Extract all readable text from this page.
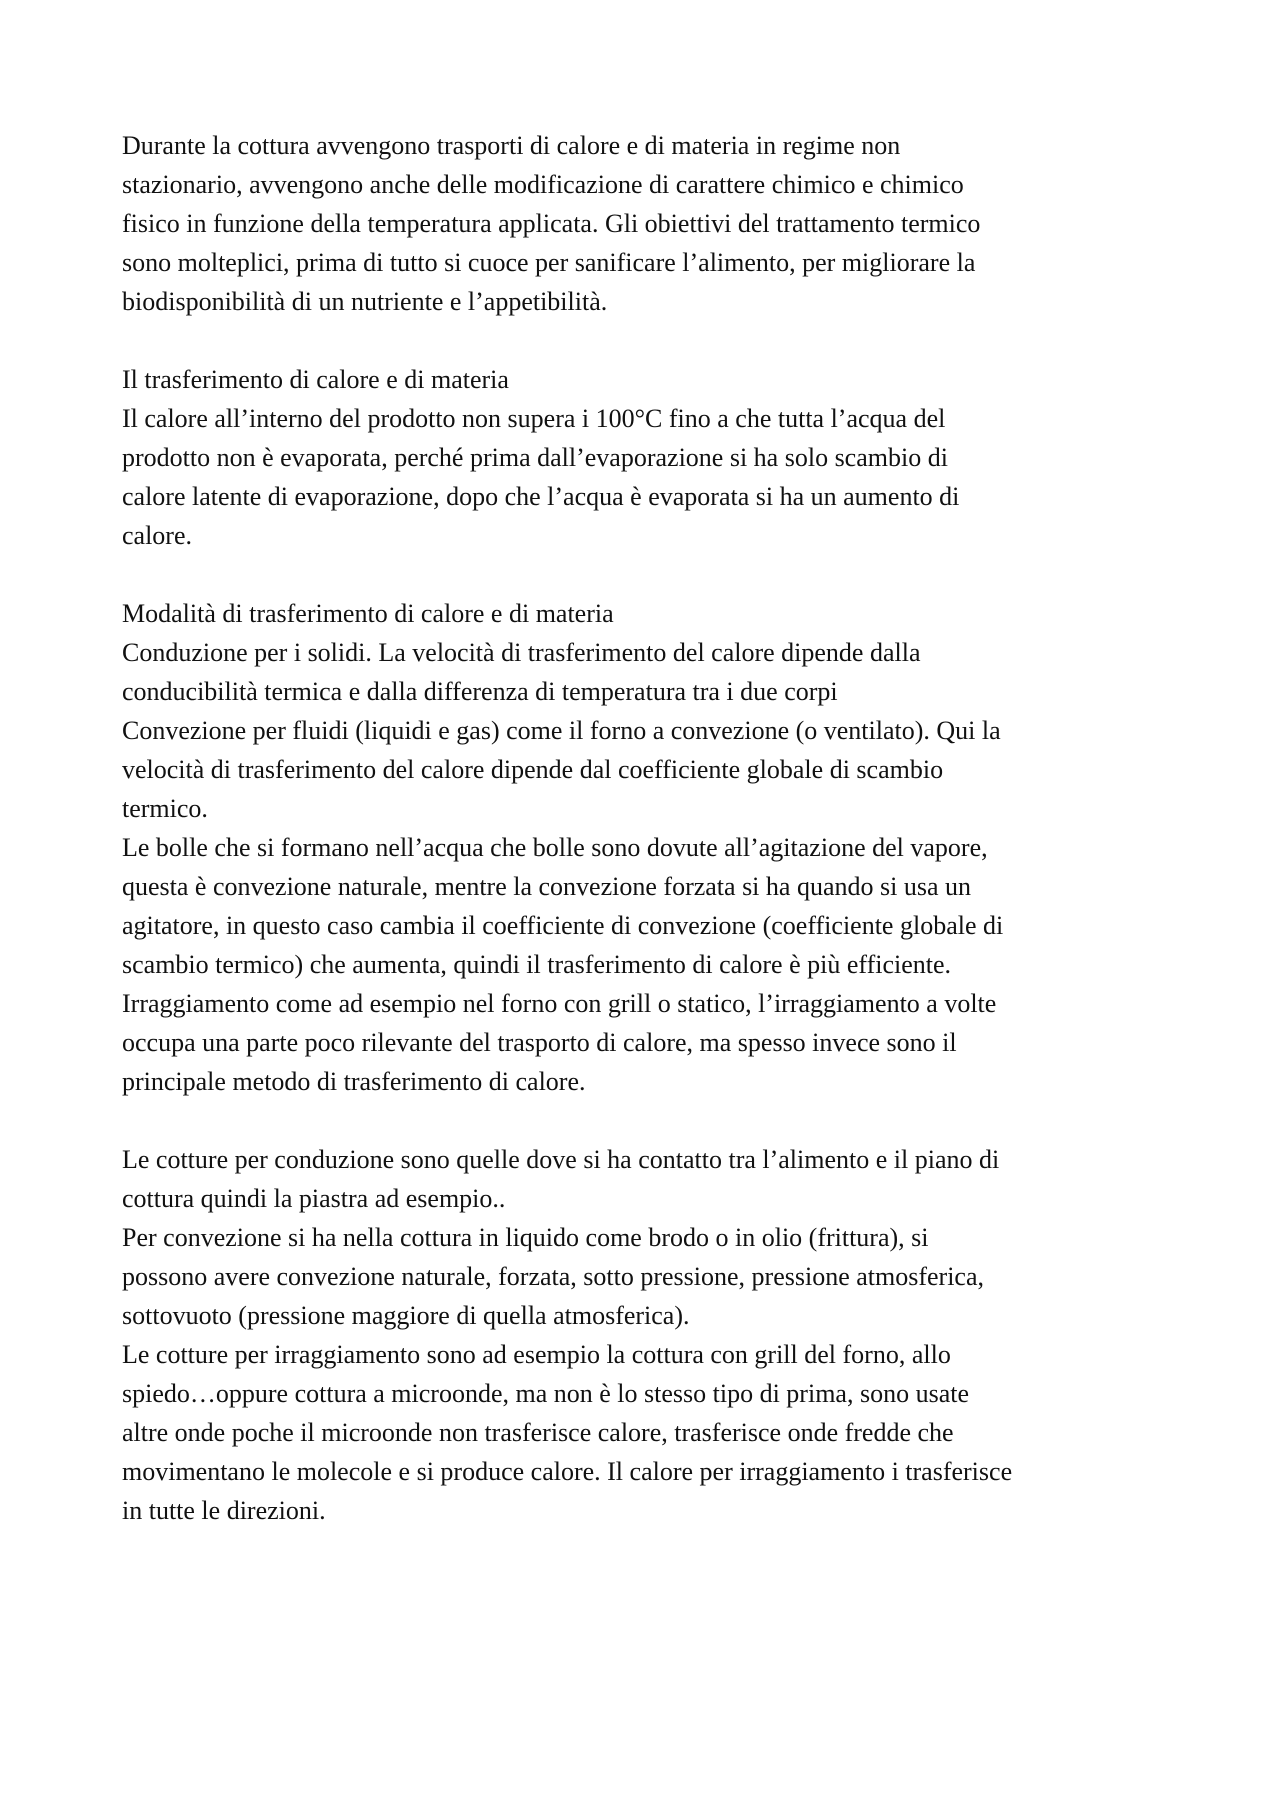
Durante la cottura avvengono trasporti di calore e di materia in regime non
stazionario, avvengono anche delle modificazione di carattere chimico e chimico
fisico in funzione della temperatura applicata. Gli obiettivi del trattamento termico
sono molteplici, prima di tutto si cuoce per sanificare l’alimento, per migliorare la
biodisponibilità di un nutriente e l’appetibilità.
Il trasferimento di calore e di materia
Il calore all’interno del prodotto non supera i 100°C fino a che tutta l’acqua del
prodotto non è evaporata, perché prima dall’evaporazione si ha solo scambio di
calore latente di evaporazione, dopo che l’acqua è evaporata si ha un aumento di
calore.
Modalità di trasferimento di calore e di materia
Conduzione per i solidi. La velocità di trasferimento del calore dipende dalla
conducibilità termica e dalla differenza di temperatura tra i due corpi
Convezione per fluidi (liquidi e gas) come il forno a convezione (o ventilato). Qui la
velocità di trasferimento del calore dipende dal coefficiente globale di scambio
termico.
Le bolle che si formano nell’acqua che bolle sono dovute all’agitazione del vapore,
questa è convezione naturale, mentre la convezione forzata si ha quando si usa un
agitatore, in questo caso cambia il coefficiente di convezione (coefficiente globale di
scambio termico) che aumenta, quindi il trasferimento di calore è più efficiente.
Irraggiamento come ad esempio nel forno con grill o statico, l’irraggiamento a volte
occupa una parte poco rilevante del trasporto di calore, ma spesso invece sono il
principale metodo di trasferimento di calore.
Le cotture per conduzione sono quelle dove si ha contatto tra l’alimento e il piano di
cottura quindi la piastra ad esempio..
Per convezione si ha nella cottura in liquido come brodo o in olio (frittura), si
possono avere convezione naturale, forzata, sotto pressione, pressione atmosferica,
sottovuoto (pressione maggiore di quella atmosferica).
Le cotture per irraggiamento sono ad esempio la cottura con grill del forno, allo
spiedo…oppure cottura a microonde, ma non è lo stesso tipo di prima, sono usate
altre onde poche il microonde non trasferisce calore, trasferisce onde fredde che
movimentano le molecole e si produce calore. Il calore per irraggiamento i trasferisce
in tutte le direzioni.
